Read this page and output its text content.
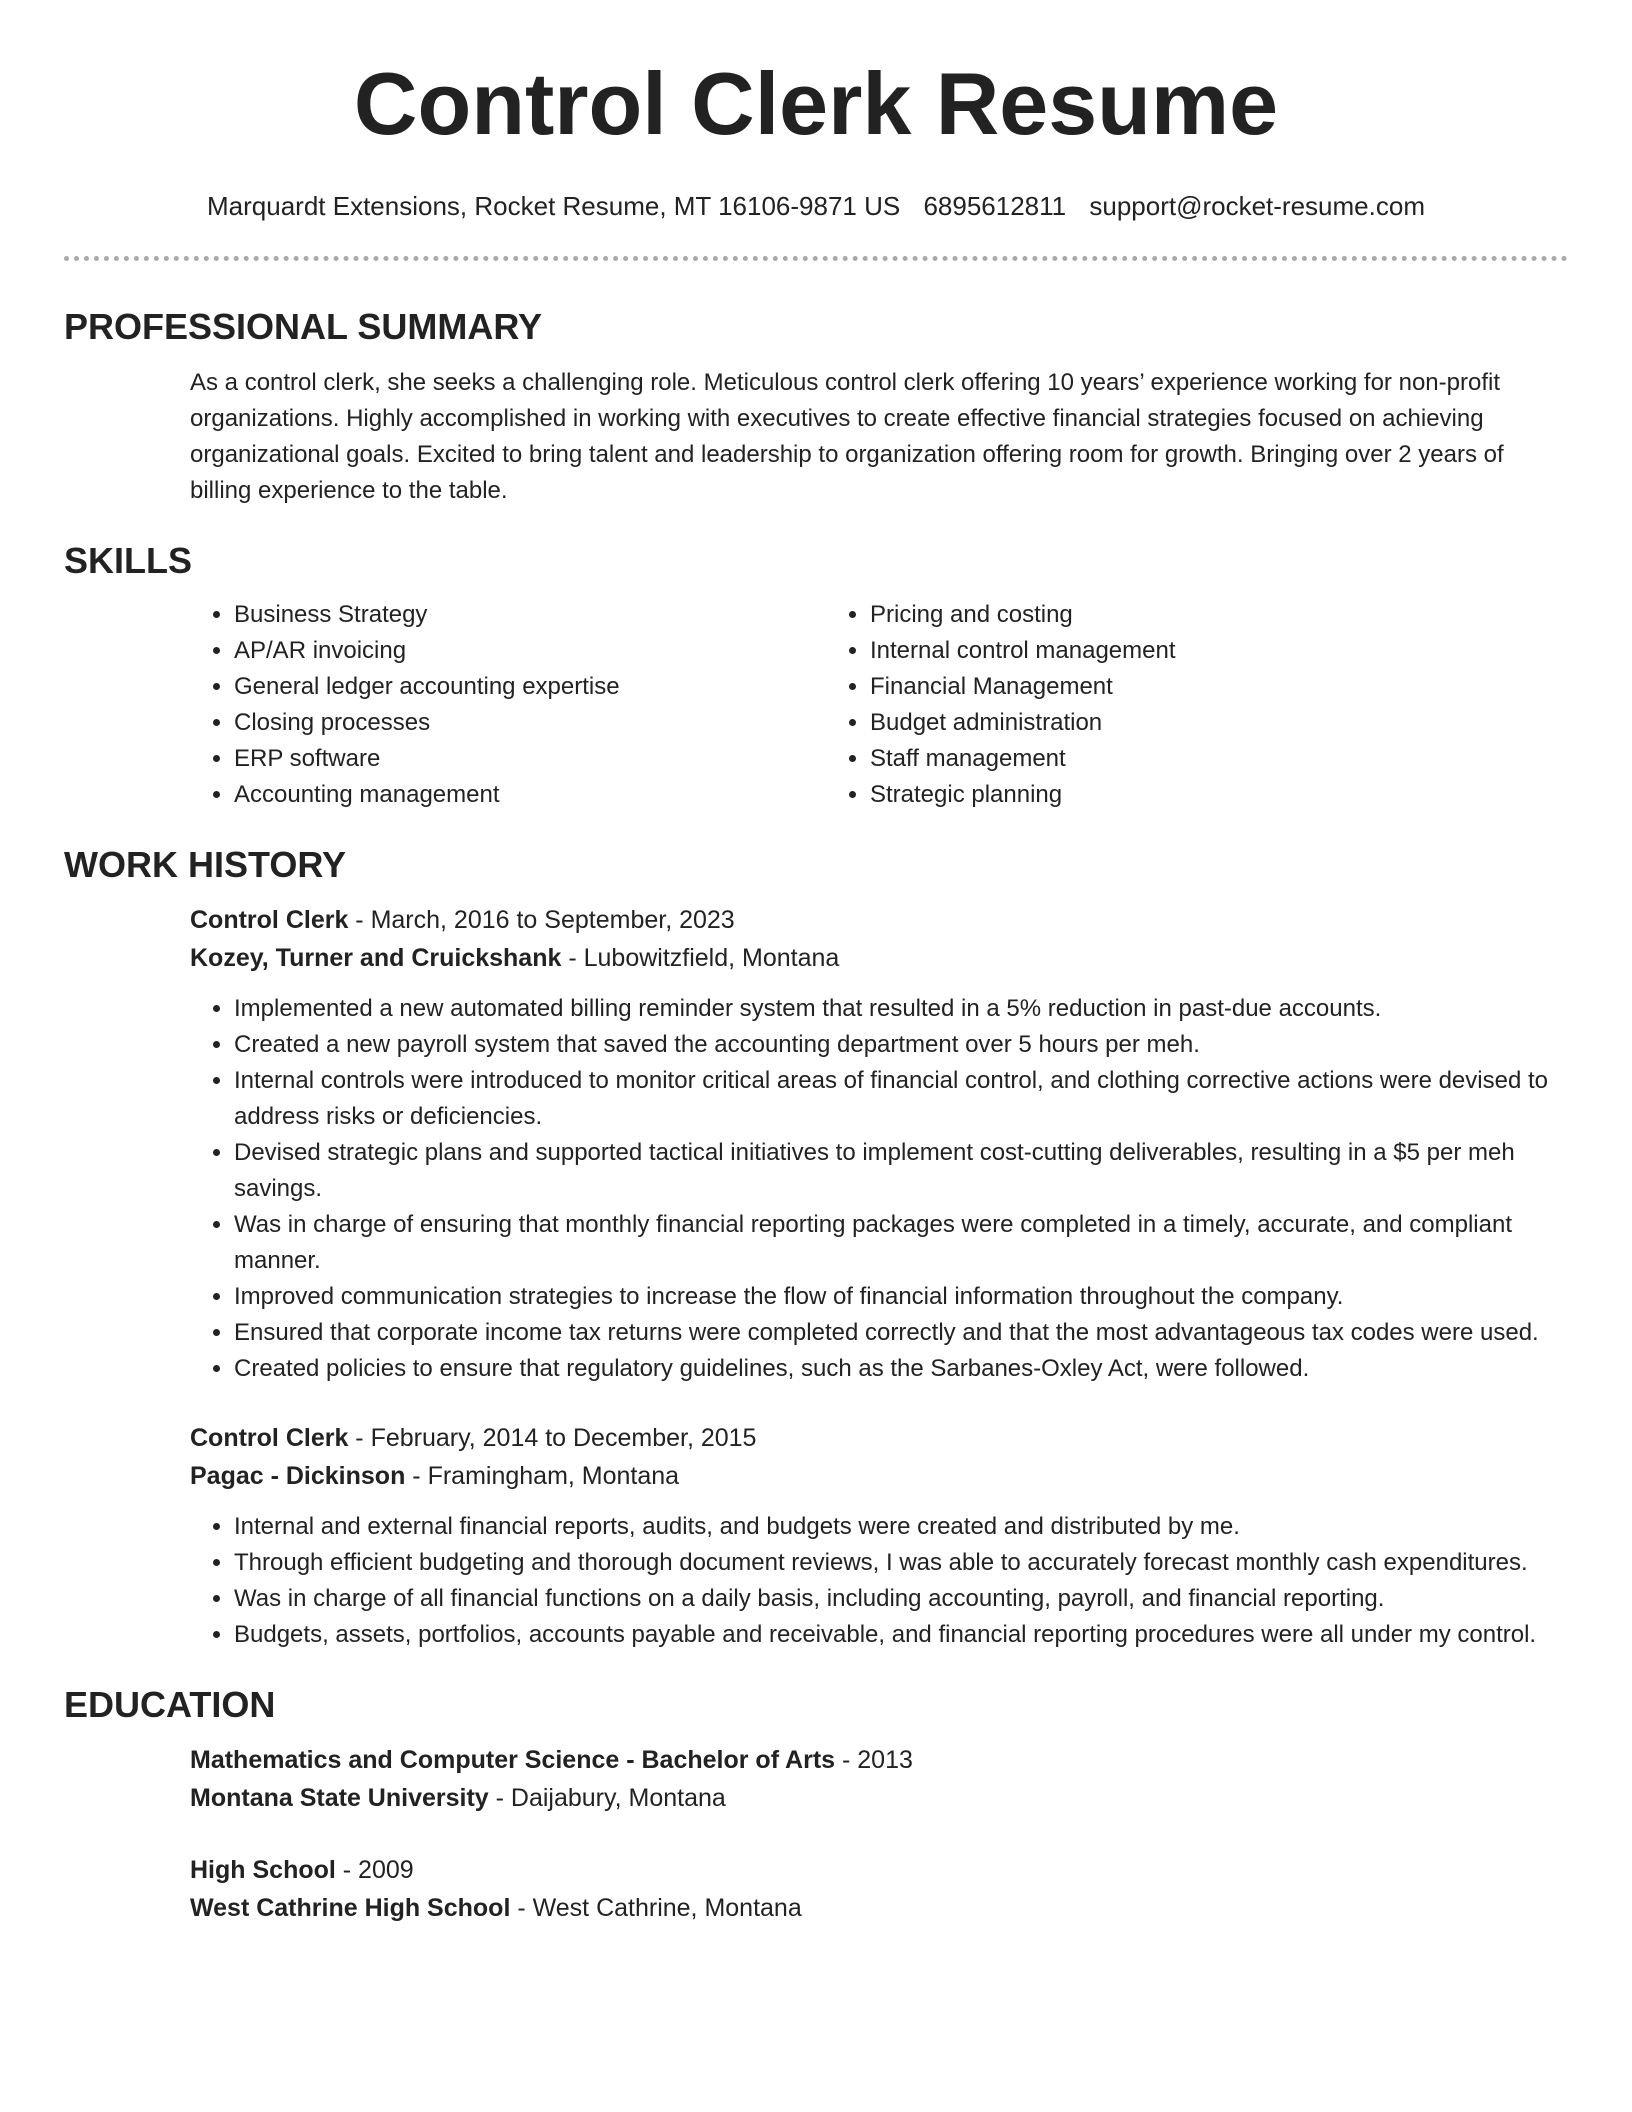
Control Clerk Resume
Marquardt Extensions, Rocket Resume, MT 16106-9871 US 6895612811 support@rocket-resume.com
PROFESSIONAL SUMMARY

As a control clerk, she seeks a challenging role. Meticulous control clerk offering 10 years’ experience working for non-profit organizations. Highly accomplished in working with executives to create effective financial strategies focused on achieving organizational goals. Excited to bring talent and leadership to organization offering room for growth. Bringing over 2 years of billing experience to the table.

SKILLS
• Business Strategy
• AP/AR invoicing
• General ledger accounting expertise
• Closing processes
• ERP software
• Accounting management
• Pricing and costing
• Internal control management
• Financial Management
• Budget administration
• Staff management
• Strategic planning
WORK HISTORY
Control Clerk - March, 2016 to September, 2023
Kozey, Turner and Cruickshank - Lubowitzfield, Montana
• Implemented a new automated billing reminder system that resulted in a 5% reduction in past-due accounts.
• Created a new payroll system that saved the accounting department over 5 hours per meh.
• Internal controls were introduced to monitor critical areas of financial control, and clothing corrective actions were devised to address risks or deficiencies.
• Devised strategic plans and supported tactical initiatives to implement cost-cutting deliverables, resulting in a $5 per meh savings.
• Was in charge of ensuring that monthly financial reporting packages were completed in a timely, accurate, and compliant manner.
• Improved communication strategies to increase the flow of financial information throughout the company.
• Ensured that corporate income tax returns were completed correctly and that the most advantageous tax codes were used.
• Created policies to ensure that regulatory guidelines, such as the Sarbanes-Oxley Act, were followed.
Control Clerk - February, 2014 to December, 2015
Pagac - Dickinson - Framingham, Montana
• Internal and external financial reports, audits, and budgets were created and distributed by me.
• Through efficient budgeting and thorough document reviews, I was able to accurately forecast monthly cash expenditures.
• Was in charge of all financial functions on a daily basis, including accounting, payroll, and financial reporting.
• Budgets, assets, portfolios, accounts payable and receivable, and financial reporting procedures were all under my control.
EDUCATION
Mathematics and Computer Science - Bachelor of Arts - 2013
Montana State University - Daijabury, Montana
High School - 2009
West Cathrine High School - West Cathrine, Montana
